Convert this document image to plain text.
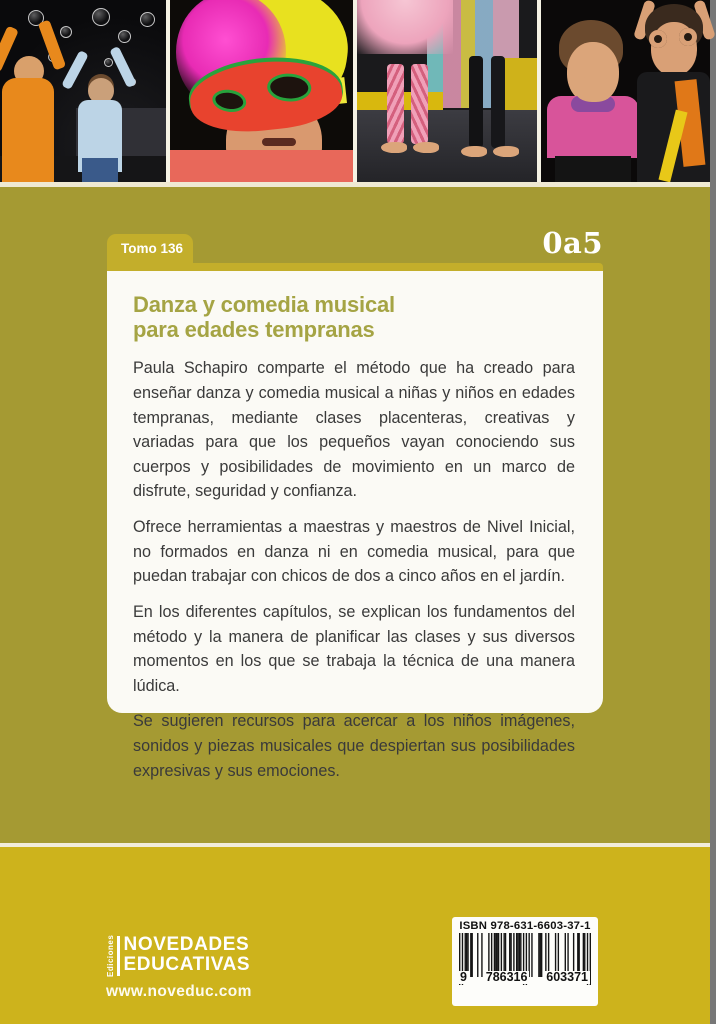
Tomo 136	0a5
Danza y comedia musical
para edades tempranas

Paula Schapiro comparte el método que ha creado para enseñar danza y comedia musical a niñas y niños en edades tempranas, mediante clases placenteras, creativas y variadas para que los pequeños vayan conociendo sus cuerpos y posibilidades de movimiento en un marco de disfrute, seguridad y confianza.

Ofrece herramientas a maestras y maestros de Nivel Inicial, no formados en danza ni en comedia musical, para que puedan trabajar con chicos de dos a cinco años en el jardín.

En los diferentes capítulos, se explican los fundamentos del método y la manera de planificar las clases y sus diversos momentos en los que se trabaja la técnica de una manera lúdica.

Se sugieren recursos para acercar a los niños imágenes, sonidos y piezas musicales que despiertan sus posibilidades expresivas y sus emociones.

Ediciones NOVEDADES
EDUCATIVAS
www.noveduc.com
ISBN 978-631-6603-37-1
9 786316 603371
